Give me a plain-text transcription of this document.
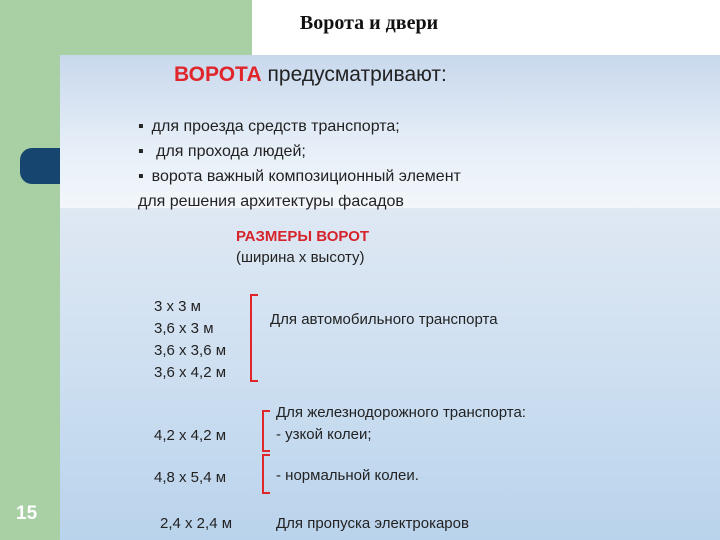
Ворота и двери
ВОРОТА предусматривают:
▪ для проезда средств транспорта;
▪ для прохода людей;
▪ ворота важный композиционный элемент
для решения архитектуры фасадов
РАЗМЕРЫ ВОРОТ
(ширина х высоту)
3 х 3 м
3,6 х 3 м
3,6 х 3,6 м
3,6 х 4,2 м
Для автомобильного транспорта
Для железнодорожного транспорта:
4,2 х 4,2 м	- узкой колеи;
4,8 х 5,4 м	- нормальной колеи.
2,4 х 2,4 м	Для пропуска электрокаров
15
